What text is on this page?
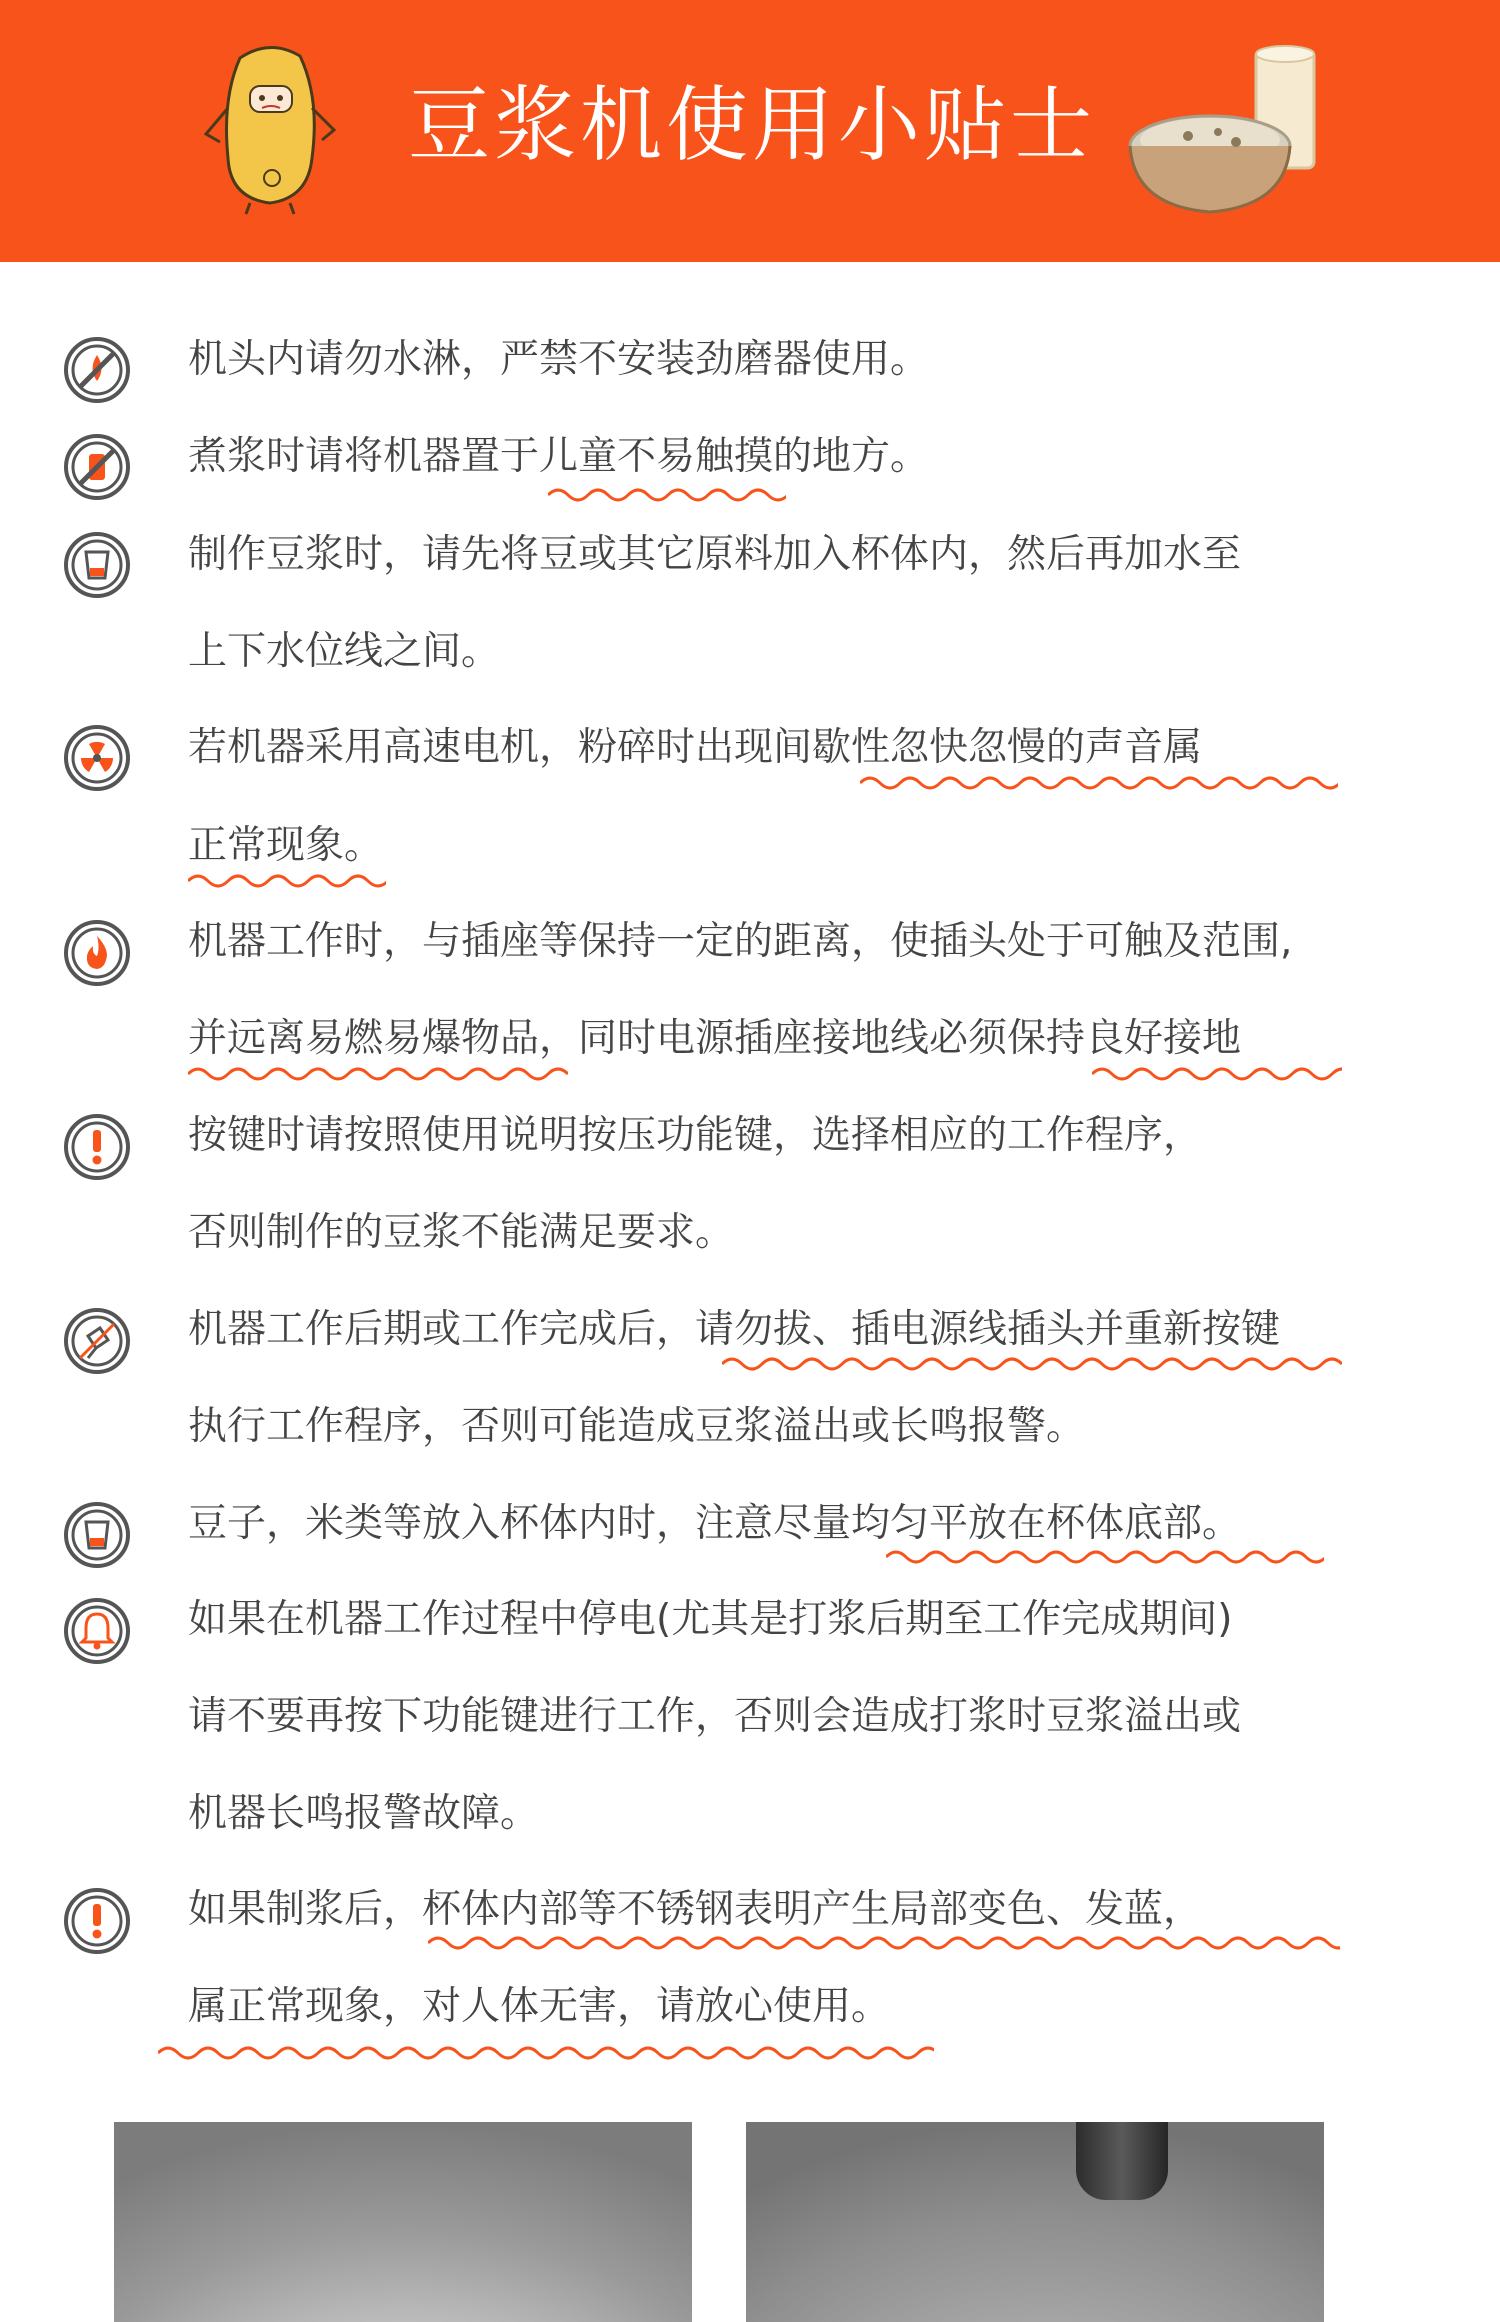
豆浆机使用小贴士
机头内请勿水淋，严禁不安装劲磨器使用。
煮浆时请将机器置于儿童不易触摸的地方。
制作豆浆时，请先将豆或其它原料加入杯体内，然后再加水至
上下水位线之间。
若机器采用高速电机，粉碎时出现间歇性忽快忽慢的声音属
正常现象。
机器工作时，与插座等保持一定的距离，使插头处于可触及范围,
并远离易燃易爆物品，同时电源插座接地线必须保持良好接地
按键时请按照使用说明按压功能键，选择相应的工作程序，
否则制作的豆浆不能满足要求。
机器工作后期或工作完成后，请勿拔、插电源线插头并重新按键
执行工作程序，否则可能造成豆浆溢出或长鸣报警。
豆子，米类等放入杯体内时，注意尽量均匀平放在杯体底部。
如果在机器工作过程中停电(尤其是打浆后期至工作完成期间)
请不要再按下功能键进行工作，否则会造成打浆时豆浆溢出或
机器长鸣报警故障。
如果制浆后，杯体内部等不锈钢表明产生局部变色、发蓝，
属正常现象，对人体无害，请放心使用。
